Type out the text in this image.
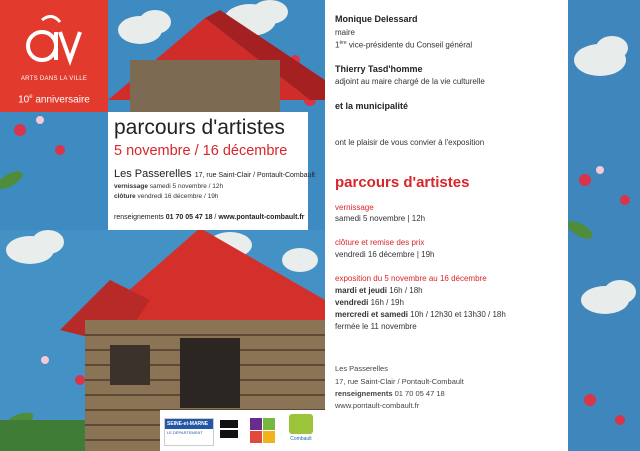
ARTS DANS LA VILLE
10e anniversaire
parcours d'artistes
5 novembre / 16 décembre
Les Passerelles 17, rue Saint-Clair / Pontault-Combault
vernissage samedi 5 novembre / 12h
clôture vendredi 16 décembre / 19h
renseignements 01 70 05 47 18 / www.pontault-combault.fr
Monique Delessard
maire
1ère vice-présidente du Conseil général
Thierry Tasd'homme
adjoint au maire chargé de la vie culturelle
et la municipalité
ont le plaisir de vous convier à l'exposition
parcours d'artistes
vernissage
samedi 5 novembre | 12h
clôture et remise des prix
vendredi 16 décembre | 19h
exposition du 5 novembre au 16 décembre
mardi et jeudi 16h / 18h
vendredi 16h / 19h
mercredi et samedi 10h / 12h30 et 13h30 / 18h
fermée le 11 novembre
Les Passerelles
17, rue Saint-Clair / Pontault-Combault
renseignements 01 70 05 47 18
www.pontault-combault.fr
SEINE-et-MARNE
LE DÉPARTEMENT
Combault
